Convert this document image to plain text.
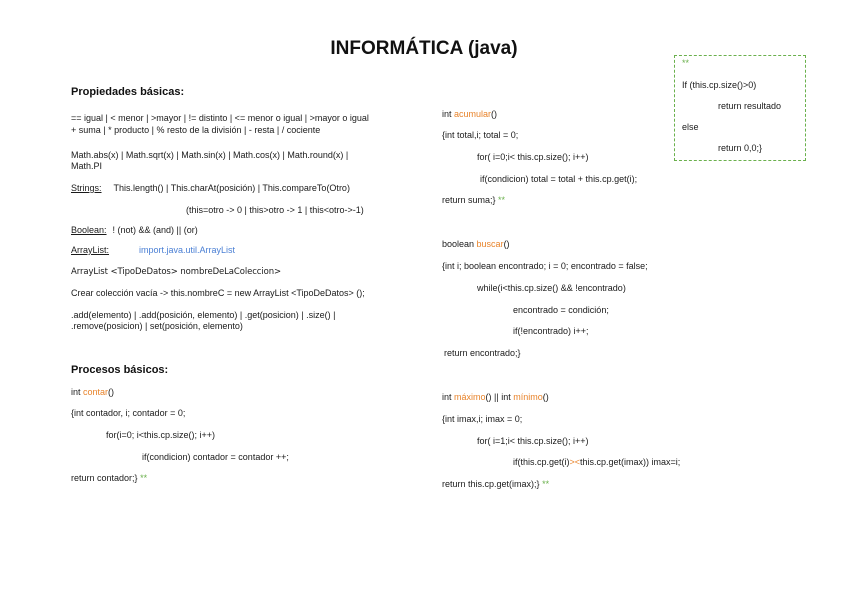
INFORMÁTICA (java)
Propiedades básicas:
== igual | < menor | >mayor | != distinto | <= menor o igual | >mayor o igual
+ suma | * producto | % resto de la división | - resta | / cociente
Math.abs(x) | Math.sqrt(x) | Math.sin(x) | Math.cos(x) | Math.round(x) |
Math.PI
Strings: This.length() | This.charAt(posición) | This.compareTo(Otro)
(this=otro -> 0 | this>otro -> 1 | this<otro->-1)
Boolean: ! (not) && (and) || (or)
ArrayList:	import.java.util.ArrayList
ArrayList <TipoDeDatos> nombreDeLaColeccion>
Crear colección vacía -> this.nombreC = new ArrayList <TipoDeDatos> ();
.add(elemento) | .add(posición, elemento) | .get(posicion) | .size() |
.remove(posicion) | set(posición, elemento)
Procesos básicos:
int contar()
{int contador, i; contador = 0;
for(i=0; i<this.cp.size(); i++)
if(condicion) contador = contador ++;
return contador;} **
int acumular()
{int total,i; total = 0;
for( i=0;i< this.cp.size(); i++)
if(condicion) total = total + this.cp.get(i);
return suma;} **
boolean buscar()
{int i; boolean encontrado; i = 0; encontrado = false;
while(i<this.cp.size() && !encontrado)
encontrado = condición;
if(!encontrado) i++;
return encontrado;}
int máximo() || int mínimo()
{int imax,i; imax = 0;
for( i=1;i< this.cp.size(); i++)
if(this.cp.get(i)><this.cp.get(imax)) imax=i;
return this.cp.get(imax);} **
**
If (this.cp.size()>0)
return resultado
else
return 0,0;}
